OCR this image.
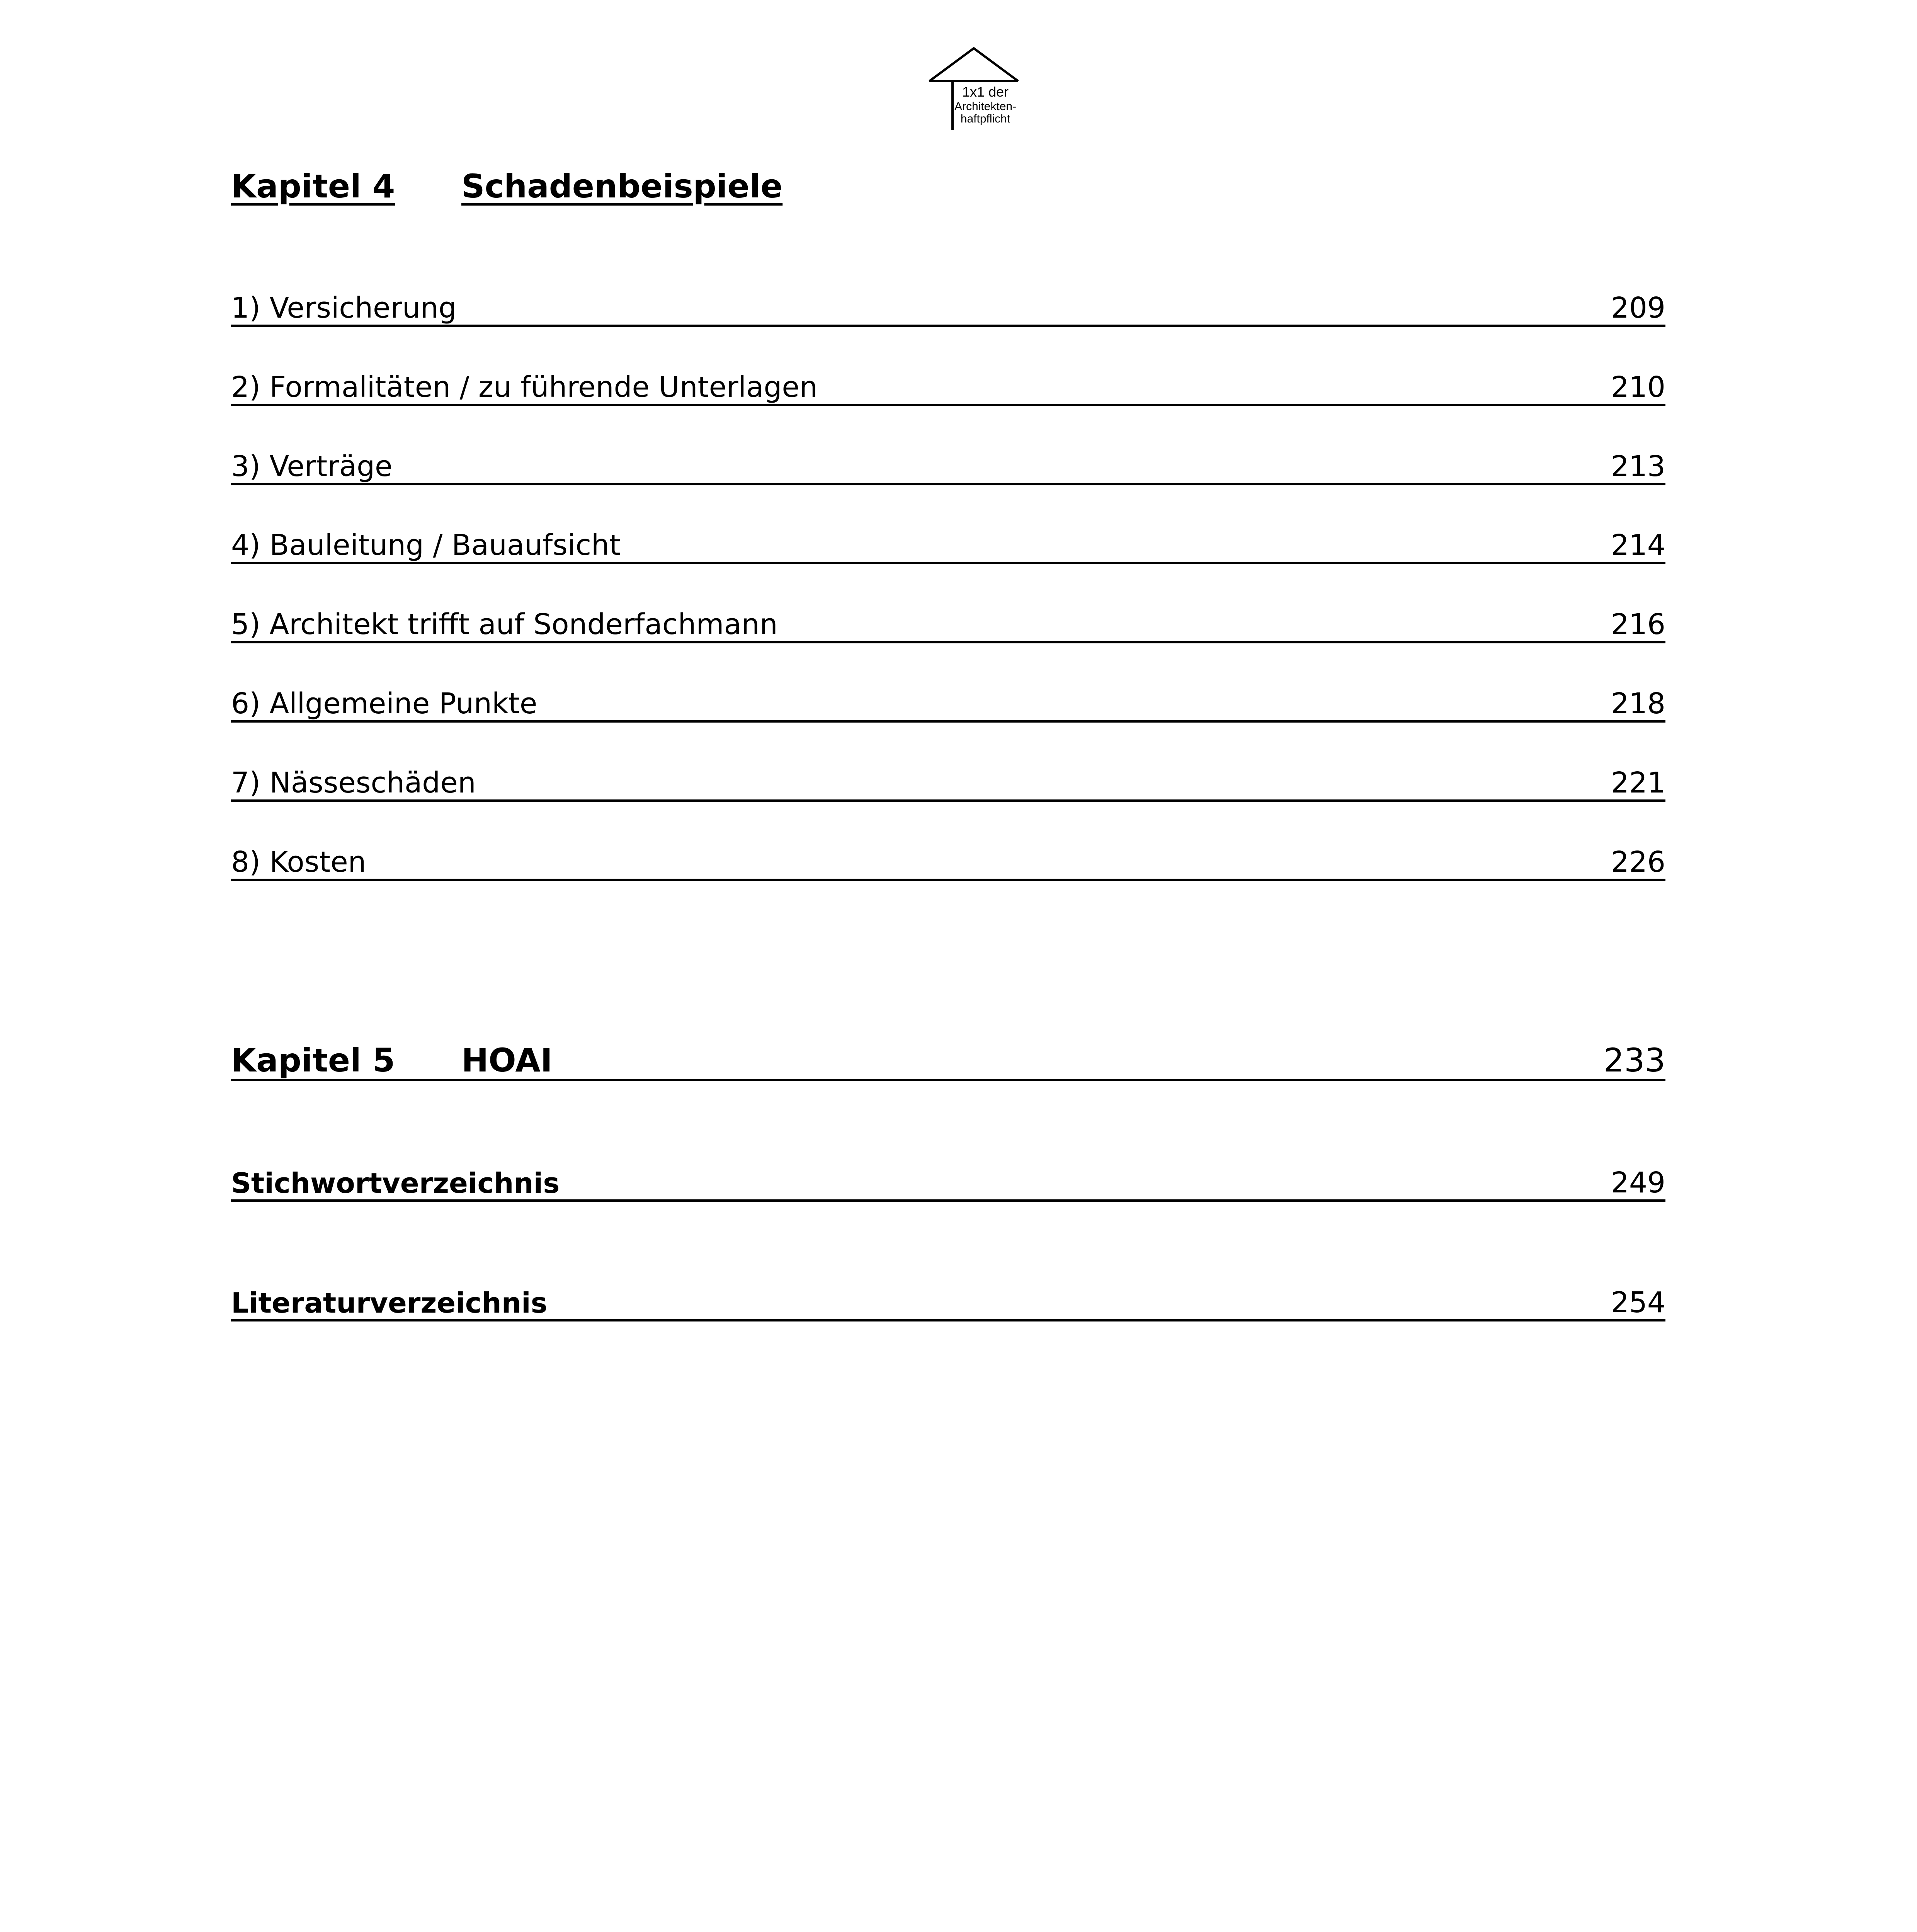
1x1 der
Architekten-
haftpflicht
Kapitel 4 Schadenbeispiele
1) Versicherung	209
2) Formalitäten / zu führende Unterlagen	210
3) Verträge	213
4) Bauleitung / Bauaufsicht	214
5) Architekt trifft auf Sonderfachmann	216
6) Allgemeine Punkte	218
7) Nässeschäden	221
8) Kosten	226
Kapitel 5 HOAI	233
Stichwortverzeichnis	249
Literaturverzeichnis	254
